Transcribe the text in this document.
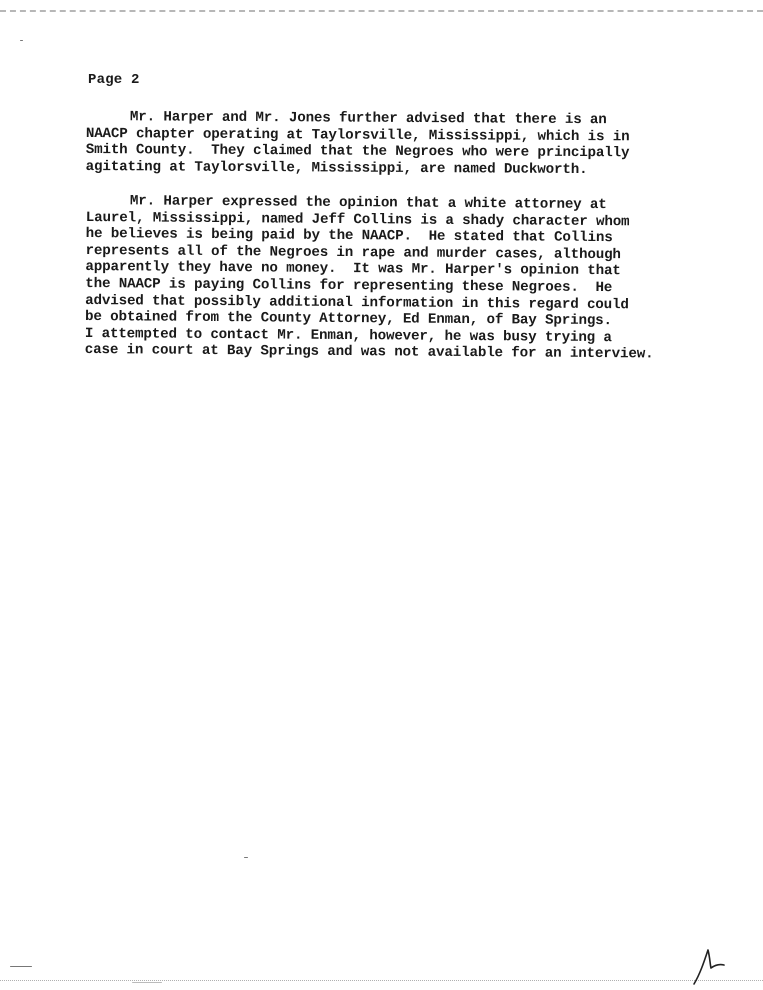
Page 2
Mr. Harper and Mr. Jones further advised that there is an
NAACP chapter operating at Taylorsville, Mississippi, which is in
Smith County.  They claimed that the Negroes who were principally
agitating at Taylorsville, Mississippi, are named Duckworth.
Mr. Harper expressed the opinion that a white attorney at
Laurel, Mississippi, named Jeff Collins is a shady character whom
he believes is being paid by the NAACP.  He stated that Collins
represents all of the Negroes in rape and murder cases, although
apparently they have no money.  It was Mr. Harper's opinion that
the NAACP is paying Collins for representing these Negroes.  He
advised that possibly additional information in this regard could
be obtained from the County Attorney, Ed Enman, of Bay Springs.
I attempted to contact Mr. Enman, however, he was busy trying a
case in court at Bay Springs and was not available for an interview.
